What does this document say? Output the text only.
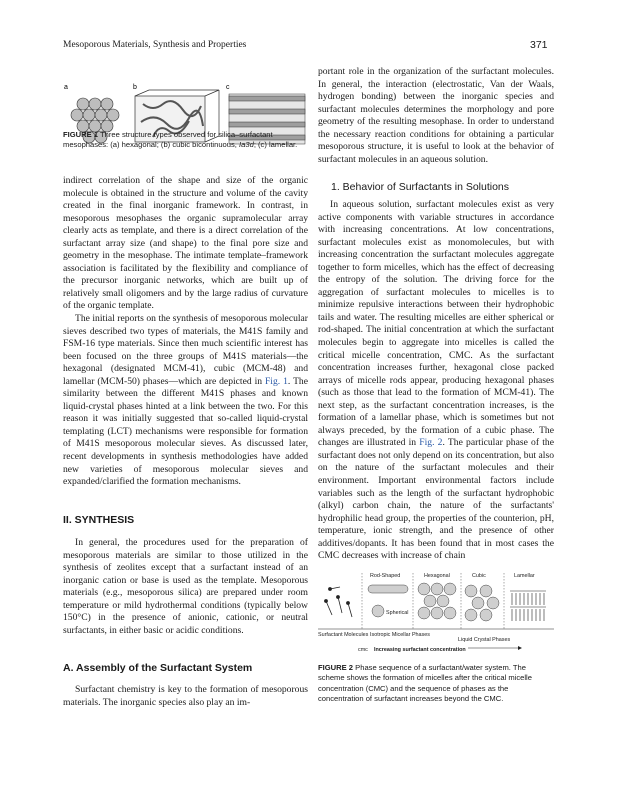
Mesoporous Materials, Synthesis and Properties	371
a	b	c
FIGURE 1 Three structure types observed for silica–surfactant mesophases: (a) hexagonal; (b) cubic bicontinuous, Ia3d; (c) lamellar.

indirect correlation of the shape and size of the organic molecule is obtained in the structure and volume of the cavity created in the final inorganic framework. In contrast, in mesoporous mesophases the organic supramolecular array clearly acts as template, and there is a direct correlation of the surfactant array size (and shape) to the final pore size and geometry in the mesophase. The intimate template–framework association is facilitated by the flexibility and compliance of the precursor inorganic networks, which are built up of relatively small oligomers and by the large radius of curvature of the organic template.

The initial reports on the synthesis of mesoporous molecular sieves described two types of materials, the M41S family and FSM-16 type materials. Since then much scientific interest has been focused on the three groups of M41S materials—the hexagonal (designated MCM-41), cubic (MCM-48) and lamellar (MCM-50) phases—which are depicted in Fig. 1. The similarity between the different M41S phases and known liquid-crystal phases hinted at a link between the two. For this reason it was initially suggested that so-called liquid-crystal templating (LCT) mechanisms were responsible for formation of M41S mesoporous molecular sieves. As discussed later, recent developments in synthesis methodologies have added new varieties of mesoporous molecular sieves and expanded/clarified the formation mechanisms.

II. SYNTHESIS

In general, the procedures used for the preparation of mesoporous materials are similar to those utilized in the synthesis of zeolites except that a surfactant instead of an inorganic cation or base is used as the template. Mesoporous materials (e.g., mesoporous silica) are prepared under room temperature or mild hydrothermal conditions (typically below 150°C) in the presence of anionic, cationic, or neutral surfactants, in either basic or acidic conditions.

A. Assembly of the Surfactant System

Surfactant chemistry is key to the formation of mesoporous materials. The inorganic species also play an im-

portant role in the organization of the surfactant molecules. In general, the interaction (electrostatic, Van der Waals, hydrogen bonding) between the inorganic species and surfactant molecules determines the morphology and pore geometry of the resulting mesophase. In order to understand the necessary reaction conditions for obtaining a particular mesoporous structure, it is useful to look at the behavior of surfactant molecules in an aqueous solution.

1. Behavior of Surfactants in Solutions

In aqueous solution, surfactant molecules exist as very active components with variable structures in accordance with increasing concentrations. At low concentrations, surfactant molecules exist as monomolecules, but with increasing concentration the surfactant molecules aggregate together to form micelles, which has the effect of decreasing the entropy of the solution. The driving force for the aggregation of surfactant molecules to micelles is to minimize repulsive interactions between their hydrophobic tails and water. The resulting micelles are either spherical or rod-shaped. The initial concentration at which the surfactant molecules begin to aggregate into micelles is called the critical micelle concentration, CMC. As the surfactant concentration increases further, hexagonal close packed arrays of micelle rods appear, producing hexagonal phases (such as those that lead to the formation of MCM-41). The next step, as the surfactant concentration increases, is the formation of a lamellar phase, which is sometimes but not always preceded, by the formation of a cubic phase. The changes are illustrated in Fig. 2. The particular phase of the surfactant does not only depend on its concentration, but also on the nature of the surfactant molecules and their environment. Important environmental factors include variables such as the length of the surfactant hydrophobic (alkyl) carbon chain, the nature of the surfactants' hydrophilic head group, the properties of the counterion, pH, temperature, ionic strength, and the presence of other additives/dopants. It has been found that in most cases the CMC decreases with increase of chain

Rod-Shaped	Hexagonal	Cubic	Lamellar
Spherical
Surfactant Molecules Isotropic Micellar Phases
Liquid Crystal Phases
cmc Increasing surfactant concentration
FIGURE 2 Phase sequence of a surfactant/water system. The scheme shows the formation of micelles after the critical micelle concentration (CMC) and the sequence of phases as the concentration of surfactant increases beyond the CMC.
